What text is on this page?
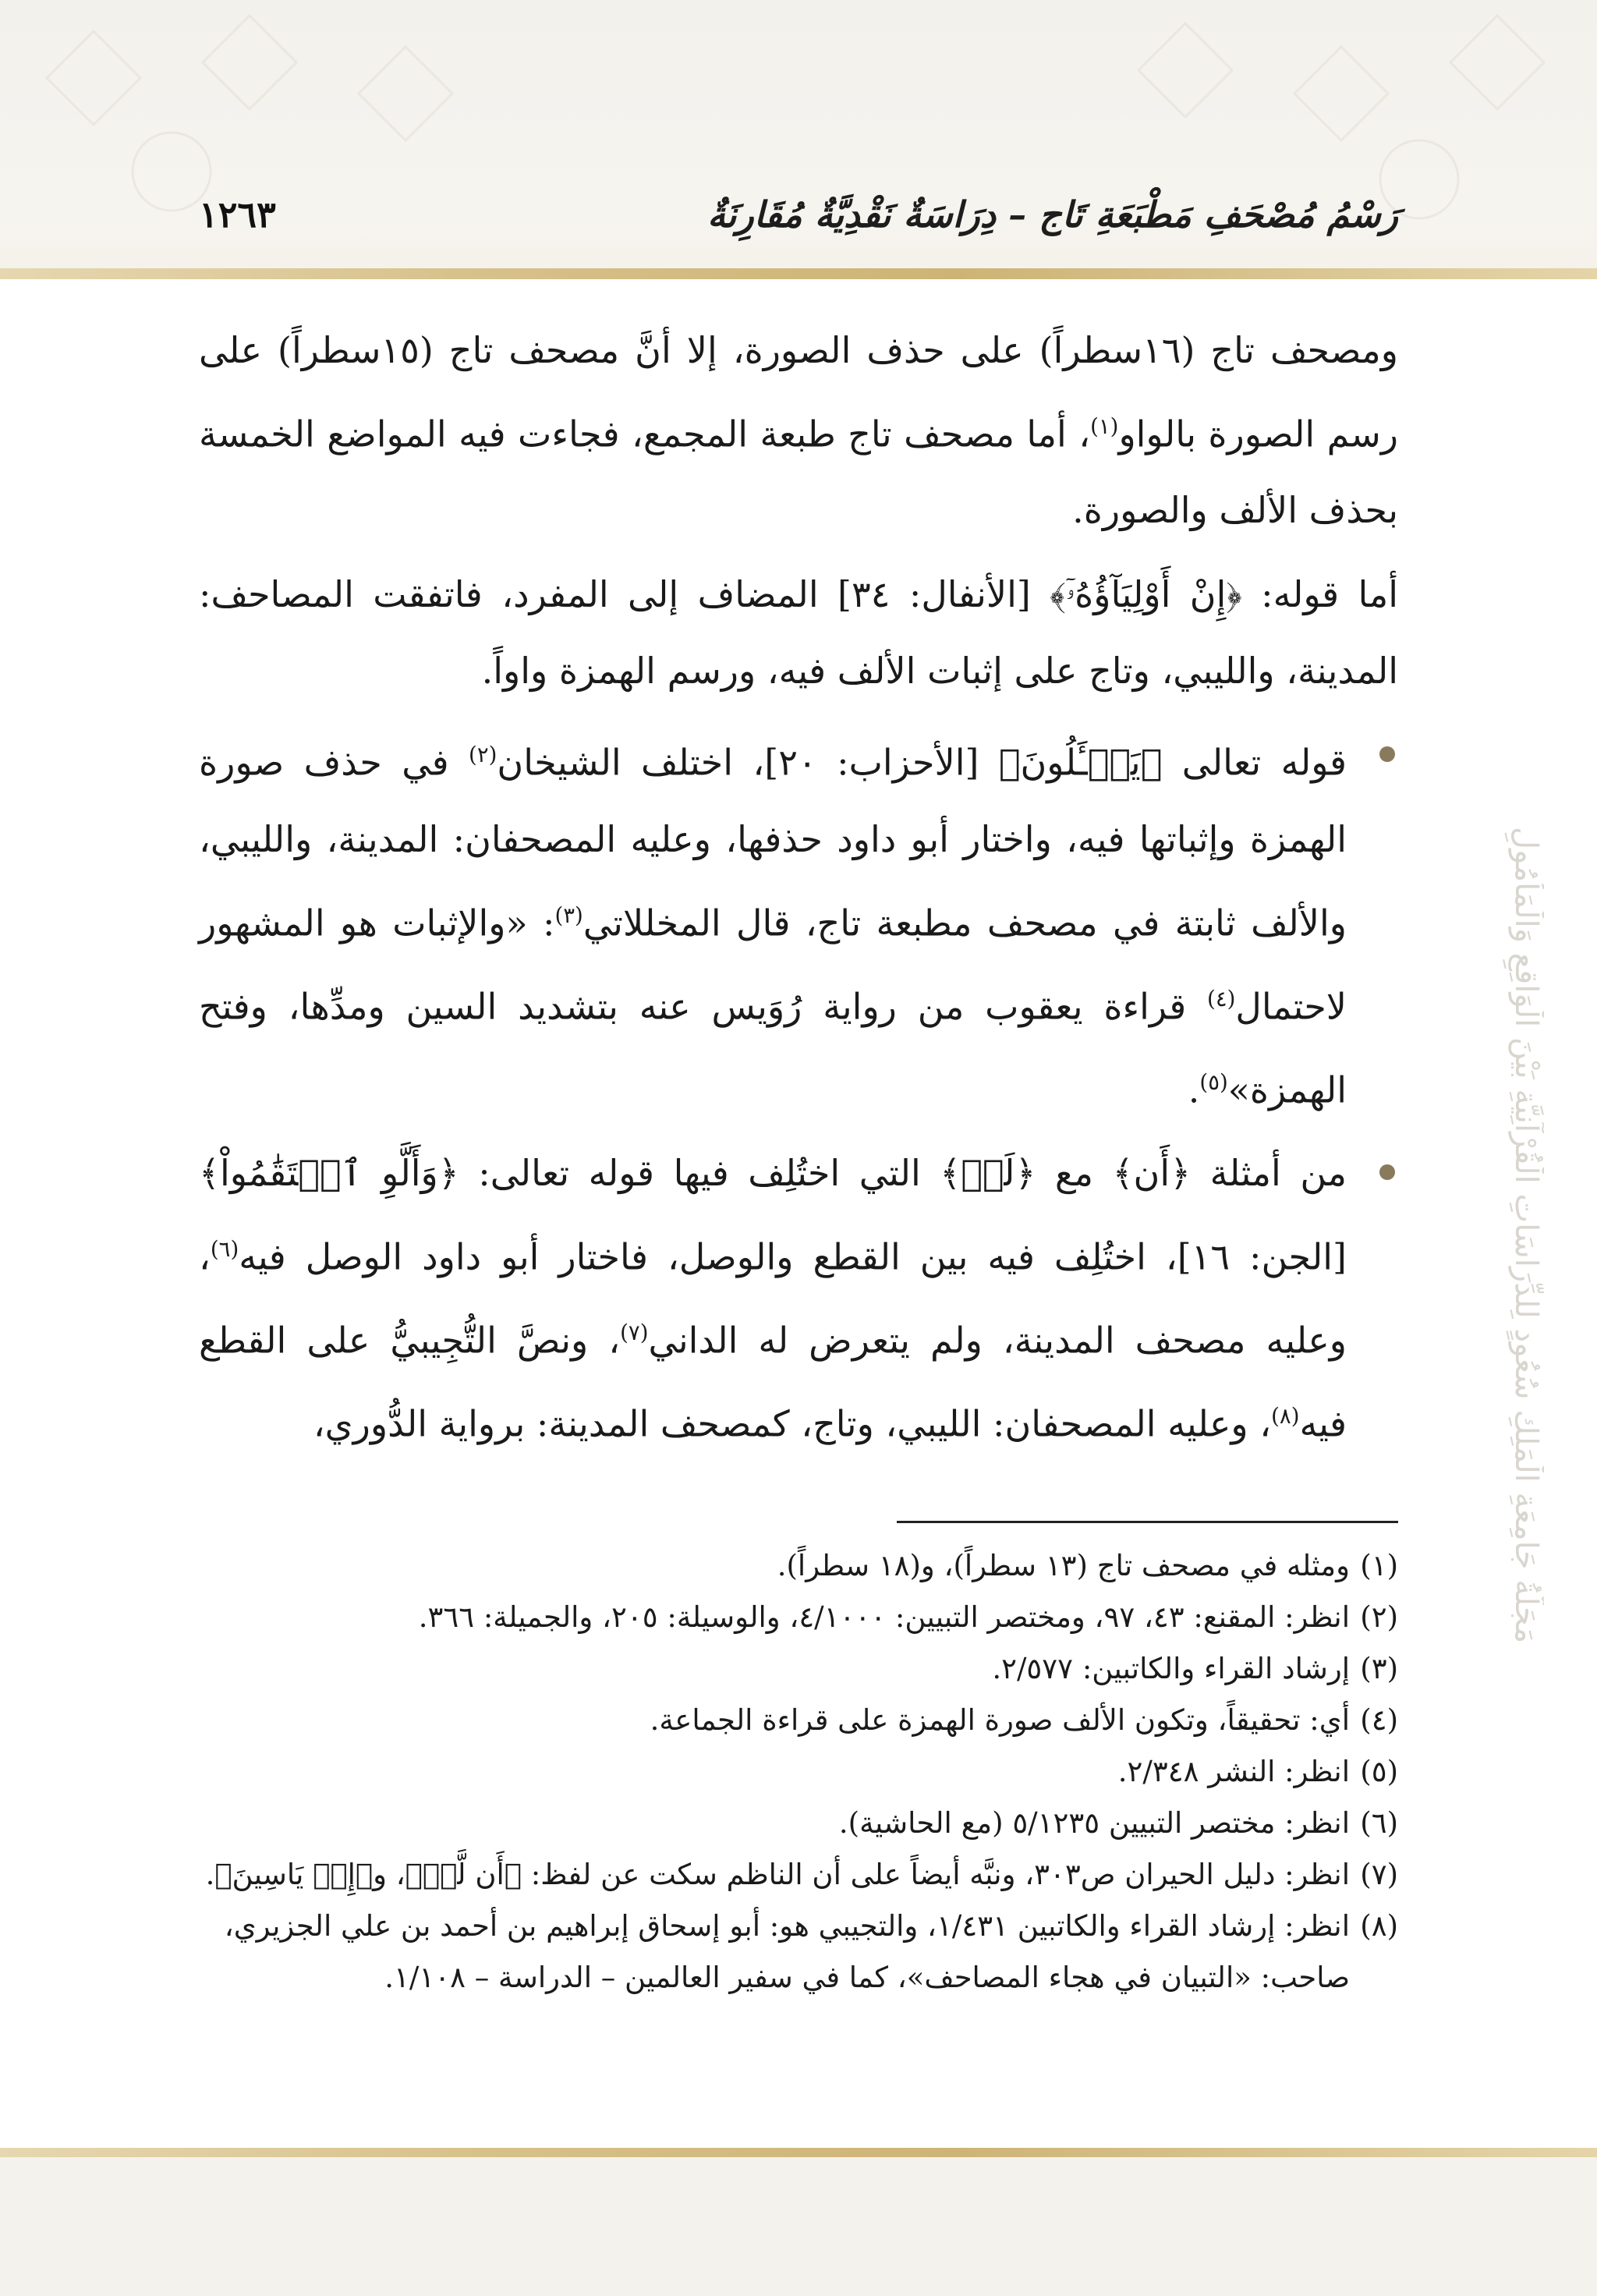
١٢٦٣	رَسْمُ مُصْحَفِ مَطْبَعَةِ تَاج – دِرَاسَةٌ نَقْدِيَّةٌ مُقَارِنَةٌ
مَجَلَّةُ جَامِعَةِ الْمَلِكِ سُعُودٍ لِلدِّرَاسَاتِ الْقُرْآنِيَّةِ بَيْنَ الْوَاقِعِ وَالْمَأْمُولِ

ومصحف تاج (١٦سطراً) على حذف الصورة، إلا أنَّ مصحف تاج (١٥سطراً) على رسم الصورة بالواو$^{(١)}$، أما مصحف تاج طبعة المجمع، فجاءت فيه المواضع الخمسة بحذف الألف والصورة.

أما قوله: ﴿إِنْ أَوْلِيَآؤُهُۥٓ﴾ [الأنفال: ٣٤] المضاف إلى المفرد، فاتفقت المصاحف: المدينة، والليبي، وتاج على إثبات الألف فيه، ورسم الهمزة واواً.

قوله تعالى ﴿يَسۡـَٔلُونَ﴾ [الأحزاب: ٢٠]، اختلف الشيخان$^{(٢)}$ في حذف صورة الهمزة وإثباتها فيه، واختار أبو داود حذفها، وعليه المصحفان: المدينة، والليبي، والألف ثابتة في مصحف مطبعة تاج، قال المخللاتي$^{(٣)}$: «والإثبات هو المشهور لاحتمال$^{(٤)}$ قراءة يعقوب من رواية رُوَيس عنه بتشديد السين ومدِّها، وفتح الهمزة»$^{(٥)}$.
من أمثلة ﴿أَن﴾ مع ﴿لَوۡ﴾ التي اختُلِف فيها قوله تعالى: ﴿وَأَلَّوِ ٱسۡتَقَٰمُواْ﴾ [الجن: ١٦]، اختُلِف فيه بين القطع والوصل، فاختار أبو داود الوصل فيه$^{(٦)}$، وعليه مصحف المدينة، ولم يتعرض له الداني$^{(٧)}$، ونصَّ التُّجِيبيُّ على القطع فيه$^{(٨)}$، وعليه المصحفان: الليبي، وتاج، كمصحف المدينة: برواية الدُّوري،

(١)
ومثله في مصحف تاج (١٣ سطراً)، و(١٨ سطراً).

(٢)
انظر: المقنع: ٤٣، ٩٧، ومختصر التبيين: ٤/١٠٠٠، والوسيلة: ٢٠٥، والجميلة: ٣٦٦.

(٣)
إرشاد القراء والكاتبين: ٢/٥٧٧.

(٤)
أي: تحقيقاً، وتكون الألف صورة الهمزة على قراءة الجماعة.

(٥)
انظر: النشر ٢/٣٤٨.

(٦)
انظر: مختصر التبيين ٥/١٢٣٥ (مع الحاشية).

(٧)
انظر: دليل الحيران ص٣٠٣، ونبَّه أيضاً على أن الناظم سكت عن لفظ: ﴿أَن لَّوۡ﴾، و﴿إِلۡ يَاسِينَ﴾.

(٨)
انظر: إرشاد القراء والكاتبين ١/٤٣١، والتجيبي هو: أبو إسحاق إبراهيم بن أحمد بن علي الجزيري، صاحب: «التبيان في هجاء المصاحف»، كما في سفير العالمين – الدراسة – ١/١٠٨.
